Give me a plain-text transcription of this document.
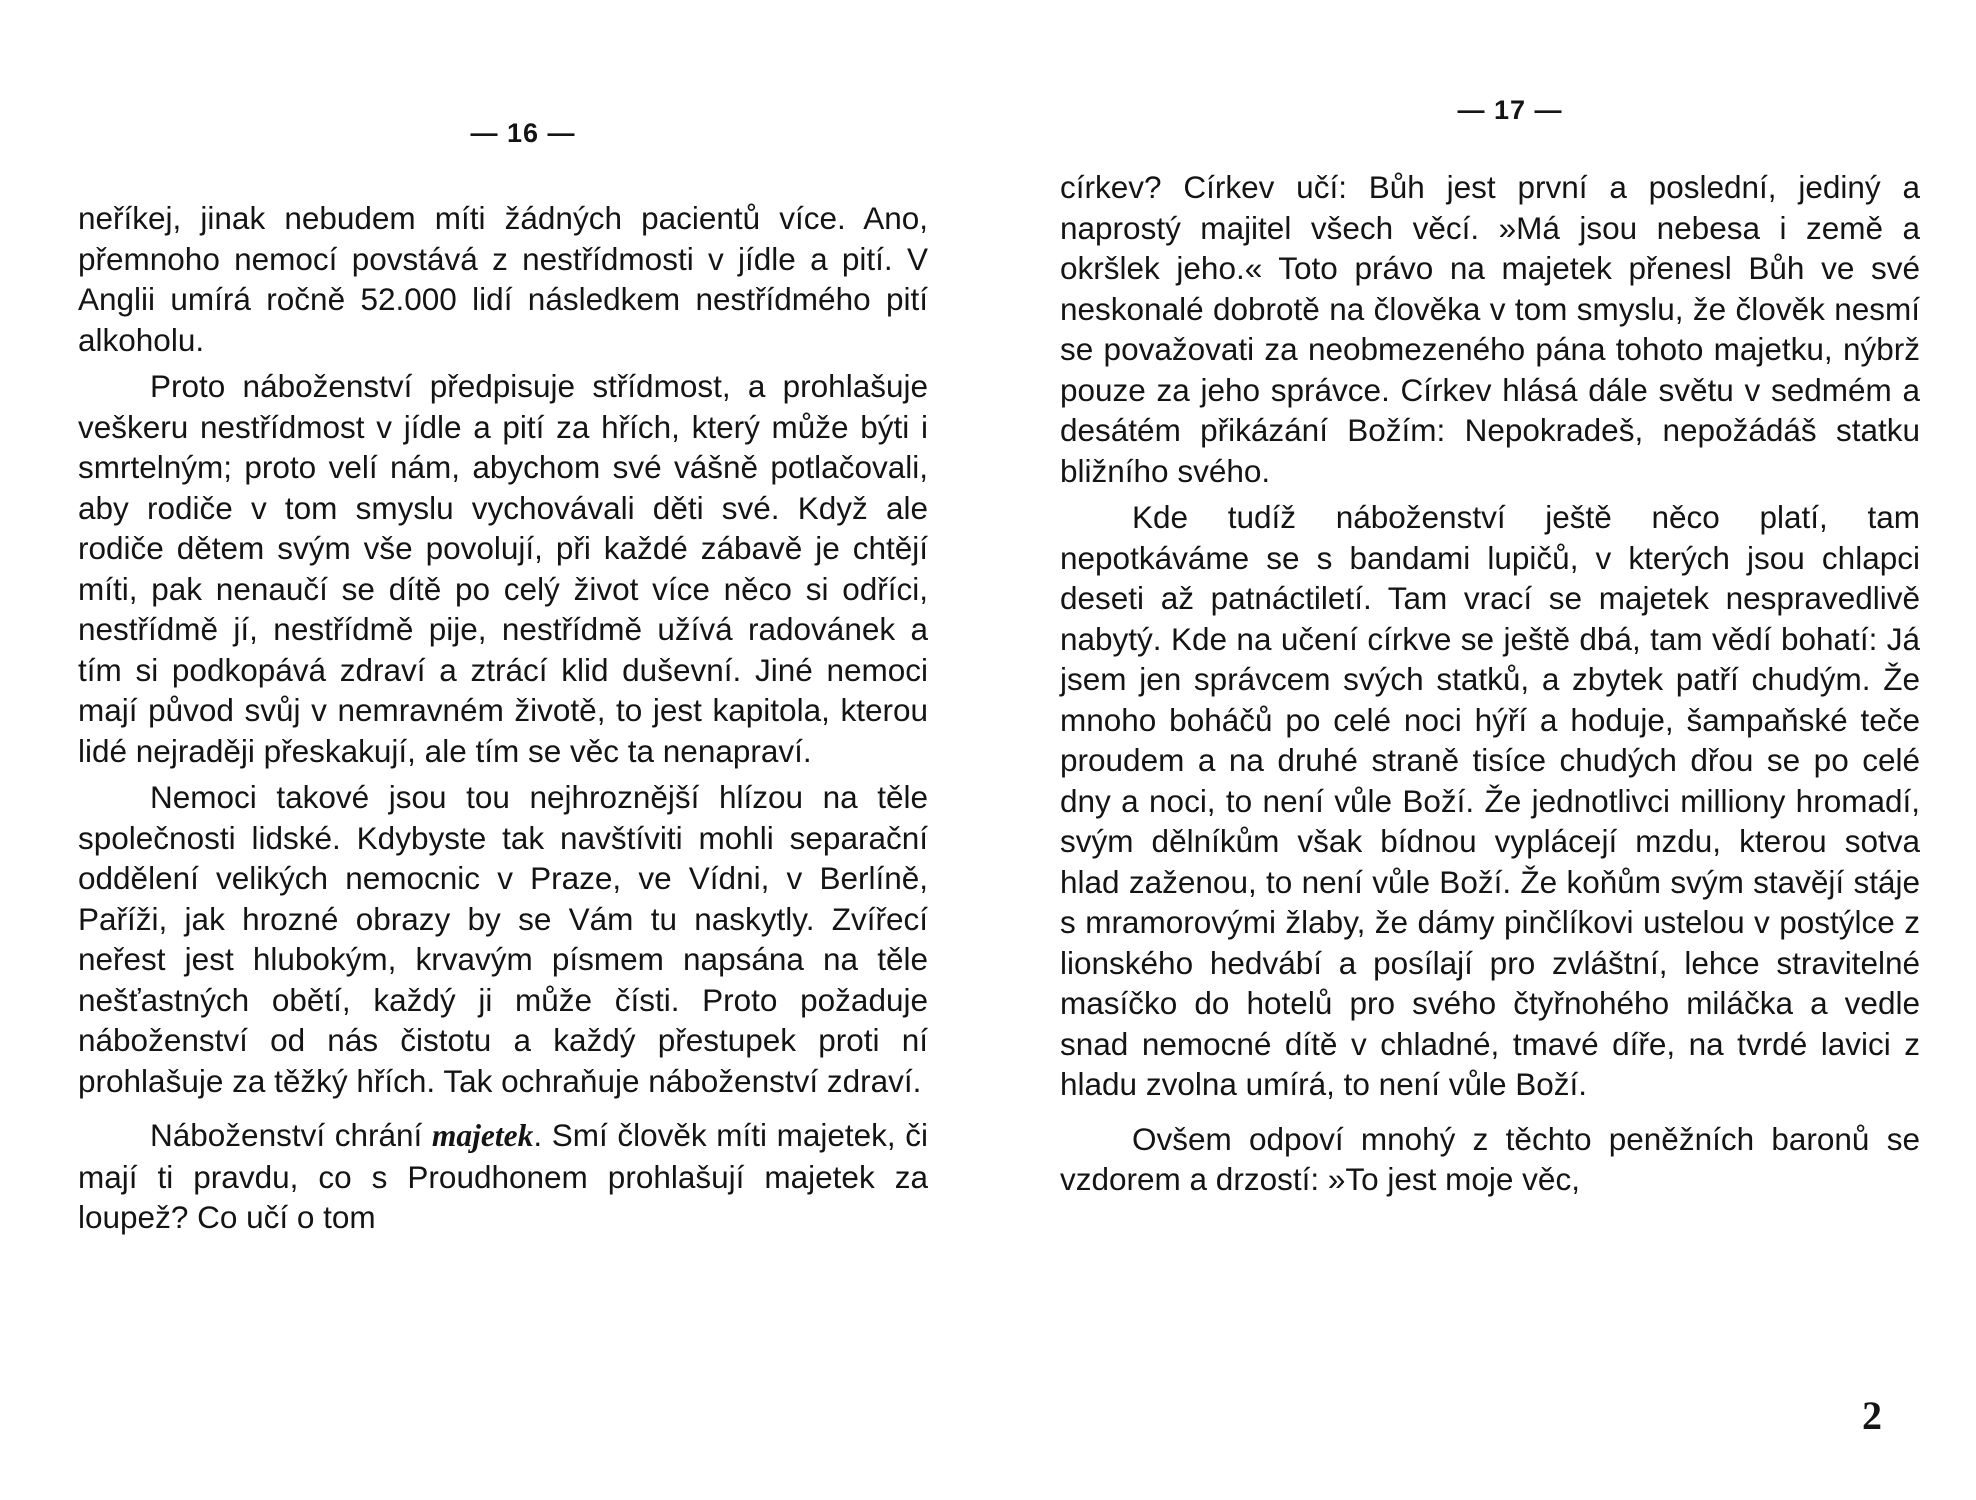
— 16 —

neříkej, jinak nebudem míti žádných pacientů více. Ano, přemnoho nemocí povstává z nestřídmosti v jídle a pití. V Anglii umírá ročně 52.000 lidí následkem nestřídmého pití alkoholu.

Proto náboženství předpisuje střídmost, a prohlašuje veškeru nestřídmost v jídle a pití za hřích, který může býti i smrtelným; proto velí nám, abychom své vášně potlačovali, aby rodiče v tom smyslu vychovávali děti své. Když ale rodiče dětem svým vše povolují, při každé zábavě je chtějí míti, pak nenaučí se dítě po celý život více něco si odříci, nestřídmě jí, nestřídmě pije, nestřídmě užívá radovánek a tím si podkopává zdraví a ztrácí klid duševní. Jiné nemoci mají původ svůj v nemravném životě, to jest kapitola, kterou lidé nejraději přeskakují, ale tím se věc ta nenapraví.

Nemoci takové jsou tou nejhroznější hlízou na těle společnosti lidské. Kdybyste tak navštíviti mohli separační oddělení velikých nemocnic v Praze, ve Vídni, v Berlíně, Paříži, jak hrozné obrazy by se Vám tu naskytly. Zvířecí neřest jest hlubokým, krvavým písmem napsána na těle nešťastných obětí, každý ji může čísti. Proto požaduje náboženství od nás čistotu a každý přestupek proti ní prohlašuje za těžký hřích. Tak ochraňuje náboženství zdraví.

Náboženství chrání majetek. Smí člověk míti majetek, či mají ti pravdu, co s Proudhonem prohlašují majetek za loupež? Co učí o tom

— 17 —

církev? Církev učí: Bůh jest první a poslední, jediný a naprostý majitel všech věcí. »Má jsou nebesa i země a okršlek jeho.« Toto právo na majetek přenesl Bůh ve své neskonalé dobrotě na člověka v tom smyslu, že člověk nesmí se považovati za neobmezeného pána tohoto majetku, nýbrž pouze za jeho správce. Církev hlásá dále světu v sedmém a desátém přikázání Božím: Nepokradeš, nepožádáš statku bližního svého.

Kde tudíž náboženství ještě něco platí, tam nepotkáváme se s bandami lupičů, v kterých jsou chlapci deseti až patnáctiletí. Tam vrací se majetek nespravedlivě nabytý. Kde na učení církve se ještě dbá, tam vědí bohatí: Já jsem jen správcem svých statků, a zbytek patří chudým. Že mnoho boháčů po celé noci hýří a hoduje, šampaňské teče proudem a na druhé straně tisíce chudých dřou se po celé dny a noci, to není vůle Boží. Že jednotlivci milliony hromadí, svým dělníkům však bídnou vyplácejí mzdu, kterou sotva hlad zaženou, to není vůle Boží. Že koňům svým stavějí stáje s mramorovými žlaby, že dámy pinčlíkovi ustelou v postýlce z lionského hedvábí a posílají pro zvláštní, lehce stravitelné masíčko do hotelů pro svého čtyřnohého miláčka a vedle snad nemocné dítě v chladné, tmavé díře, na tvrdé lavici z hladu zvolna umírá, to není vůle Boží.

Ovšem odpoví mnohý z těchto peněžních baronů se vzdorem a drzostí: »To jest moje věc,

2
